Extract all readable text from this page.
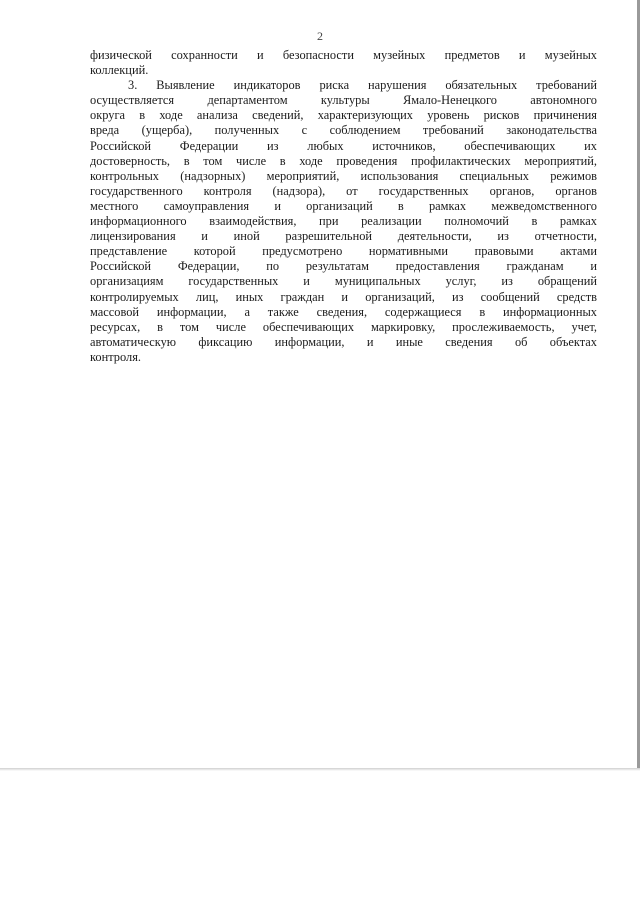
2

физической сохранности и безопасности музейных предметов и музейных
коллекций.

3. Выявление индикаторов риска нарушения обязательных требований
осуществляется департаментом культуры Ямало-Ненецкого автономного
округа в ходе анализа сведений, характеризующих уровень рисков причинения
вреда (ущерба), полученных с соблюдением требований законодательства
Российской Федерации из любых источников, обеспечивающих их
достоверность, в том числе в ходе проведения профилактических мероприятий,
контрольных (надзорных) мероприятий, использования специальных режимов
государственного контроля (надзора), от государственных органов, органов
местного самоуправления и организаций в рамках межведомственного
информационного взаимодействия, при реализации полномочий в рамках
лицензирования и иной разрешительной деятельности, из отчетности,
представление которой предусмотрено нормативными правовыми актами
Российской Федерации, по результатам предоставления гражданам и
организациям государственных и муниципальных услуг, из обращений
контролируемых лиц, иных граждан и организаций, из сообщений средств
массовой информации, а также сведения, содержащиеся в информационных
ресурсах, в том числе обеспечивающих маркировку, прослеживаемость, учет,
автоматическую фиксацию информации, и иные сведения об объектах
контроля.
